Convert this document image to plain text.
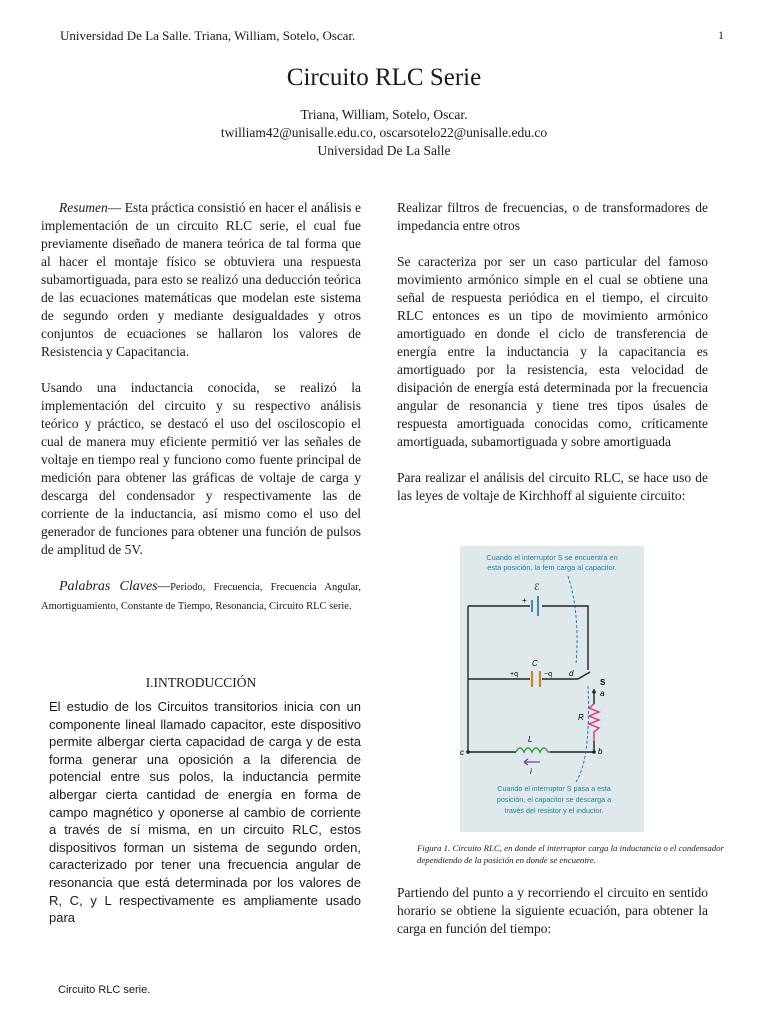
Universidad De La Salle. Triana, William, Sotelo, Oscar.	1
Circuito RLC Serie
Triana, William, Sotelo, Oscar.
twilliam42@unisalle.edu.co, oscarsotelo22@unisalle.edu.co
Universidad De La Salle

Resumen— Esta práctica consistió en hacer el análisis e implementación de un circuito RLC serie, el cual fue previamente diseñado de manera teórica de tal forma que al hacer el montaje físico se obtuviera una respuesta subamortiguada, para esto se realizó una deducción teórica de las ecuaciones matemáticas que modelan este sistema de segundo orden y mediante desigualdades y otros conjuntos de ecuaciones se hallaron los valores de Resistencia y Capacitancia.

Usando una inductancia conocida, se realizó la implementación del circuito y su respectivo análisis teórico y práctico, se destacó el uso del osciloscopio el cual de manera muy eficiente permitió ver las señales de voltaje en tiempo real y funciono como fuente principal de medición para obtener las gráficas de voltaje de carga y descarga del condensador y respectivamente las de corriente de la inductancia, así mismo como el uso del generador de funciones para obtener una función de pulsos de amplitud de 5V.

Palabras Claves—Periodo, Frecuencia, Frecuencia Angular, Amortiguamiento, Constante de Tiempo, Resonancia, Circuito RLC serie.

I.INTRODUCCIÓN
El estudio de los Circuitos transitorios inicia con un componente lineal llamado capacitor, este dispositivo permite albergar cierta capacidad de carga y de esta forma generar una oposición a la diferencia de potencial entre sus polos, la inductancia permite albergar cierta cantidad de energía en forma de campo magnético y oponerse al cambio de corriente a través de sí misma, en un circuito RLC, estos dispositivos forman un sistema de segundo orden, caracterizado por tener una frecuencia angular de resonancia que está determinada por los valores de R, C, y L respectivamente es ampliamente usado para

Realizar filtros de frecuencias, o de transformadores de impedancia entre otros

Se caracteriza por ser un caso particular del famoso movimiento armónico simple en el cual se obtiene una señal de respuesta periódica en el tiempo, el circuito RLC entonces es un tipo de movimiento armónico amortiguado en donde el ciclo de transferencia de energía entre la inductancia y la capacitancia es amortiguado por la resistencia, esta velocidad de disipación de energía está determinada por la frecuencia angular de resonancia y tiene tres tipos úsales de respuesta amortiguada conocidas como, críticamente amortiguada, subamortiguada y sobre amortiguada

Para realizar el análisis del circuito RLC, se hace uso de las leyes de voltaje de Kirchhoff al siguiente circuito:

Cuando el interruptor S se encuentra en
esta posición, la fem carga al capacitor.
ℰ
+
C
+q	−q d
S
a
R
L
b
c
i
Cuando el interruptor S pasa a esta
posición, el capacitor se descarga a
través del resistor y el inductor.
Figura 1. Circuito RLC, en donde el interruptor carga la inductancia o el condensador dependiendo de la posición en donde se encuentre.
Partiendo del punto a y recorriendo el circuito en sentido horario se obtiene la siguiente ecuación, para obtener la carga en función del tiempo:
Circuito RLC serie.
